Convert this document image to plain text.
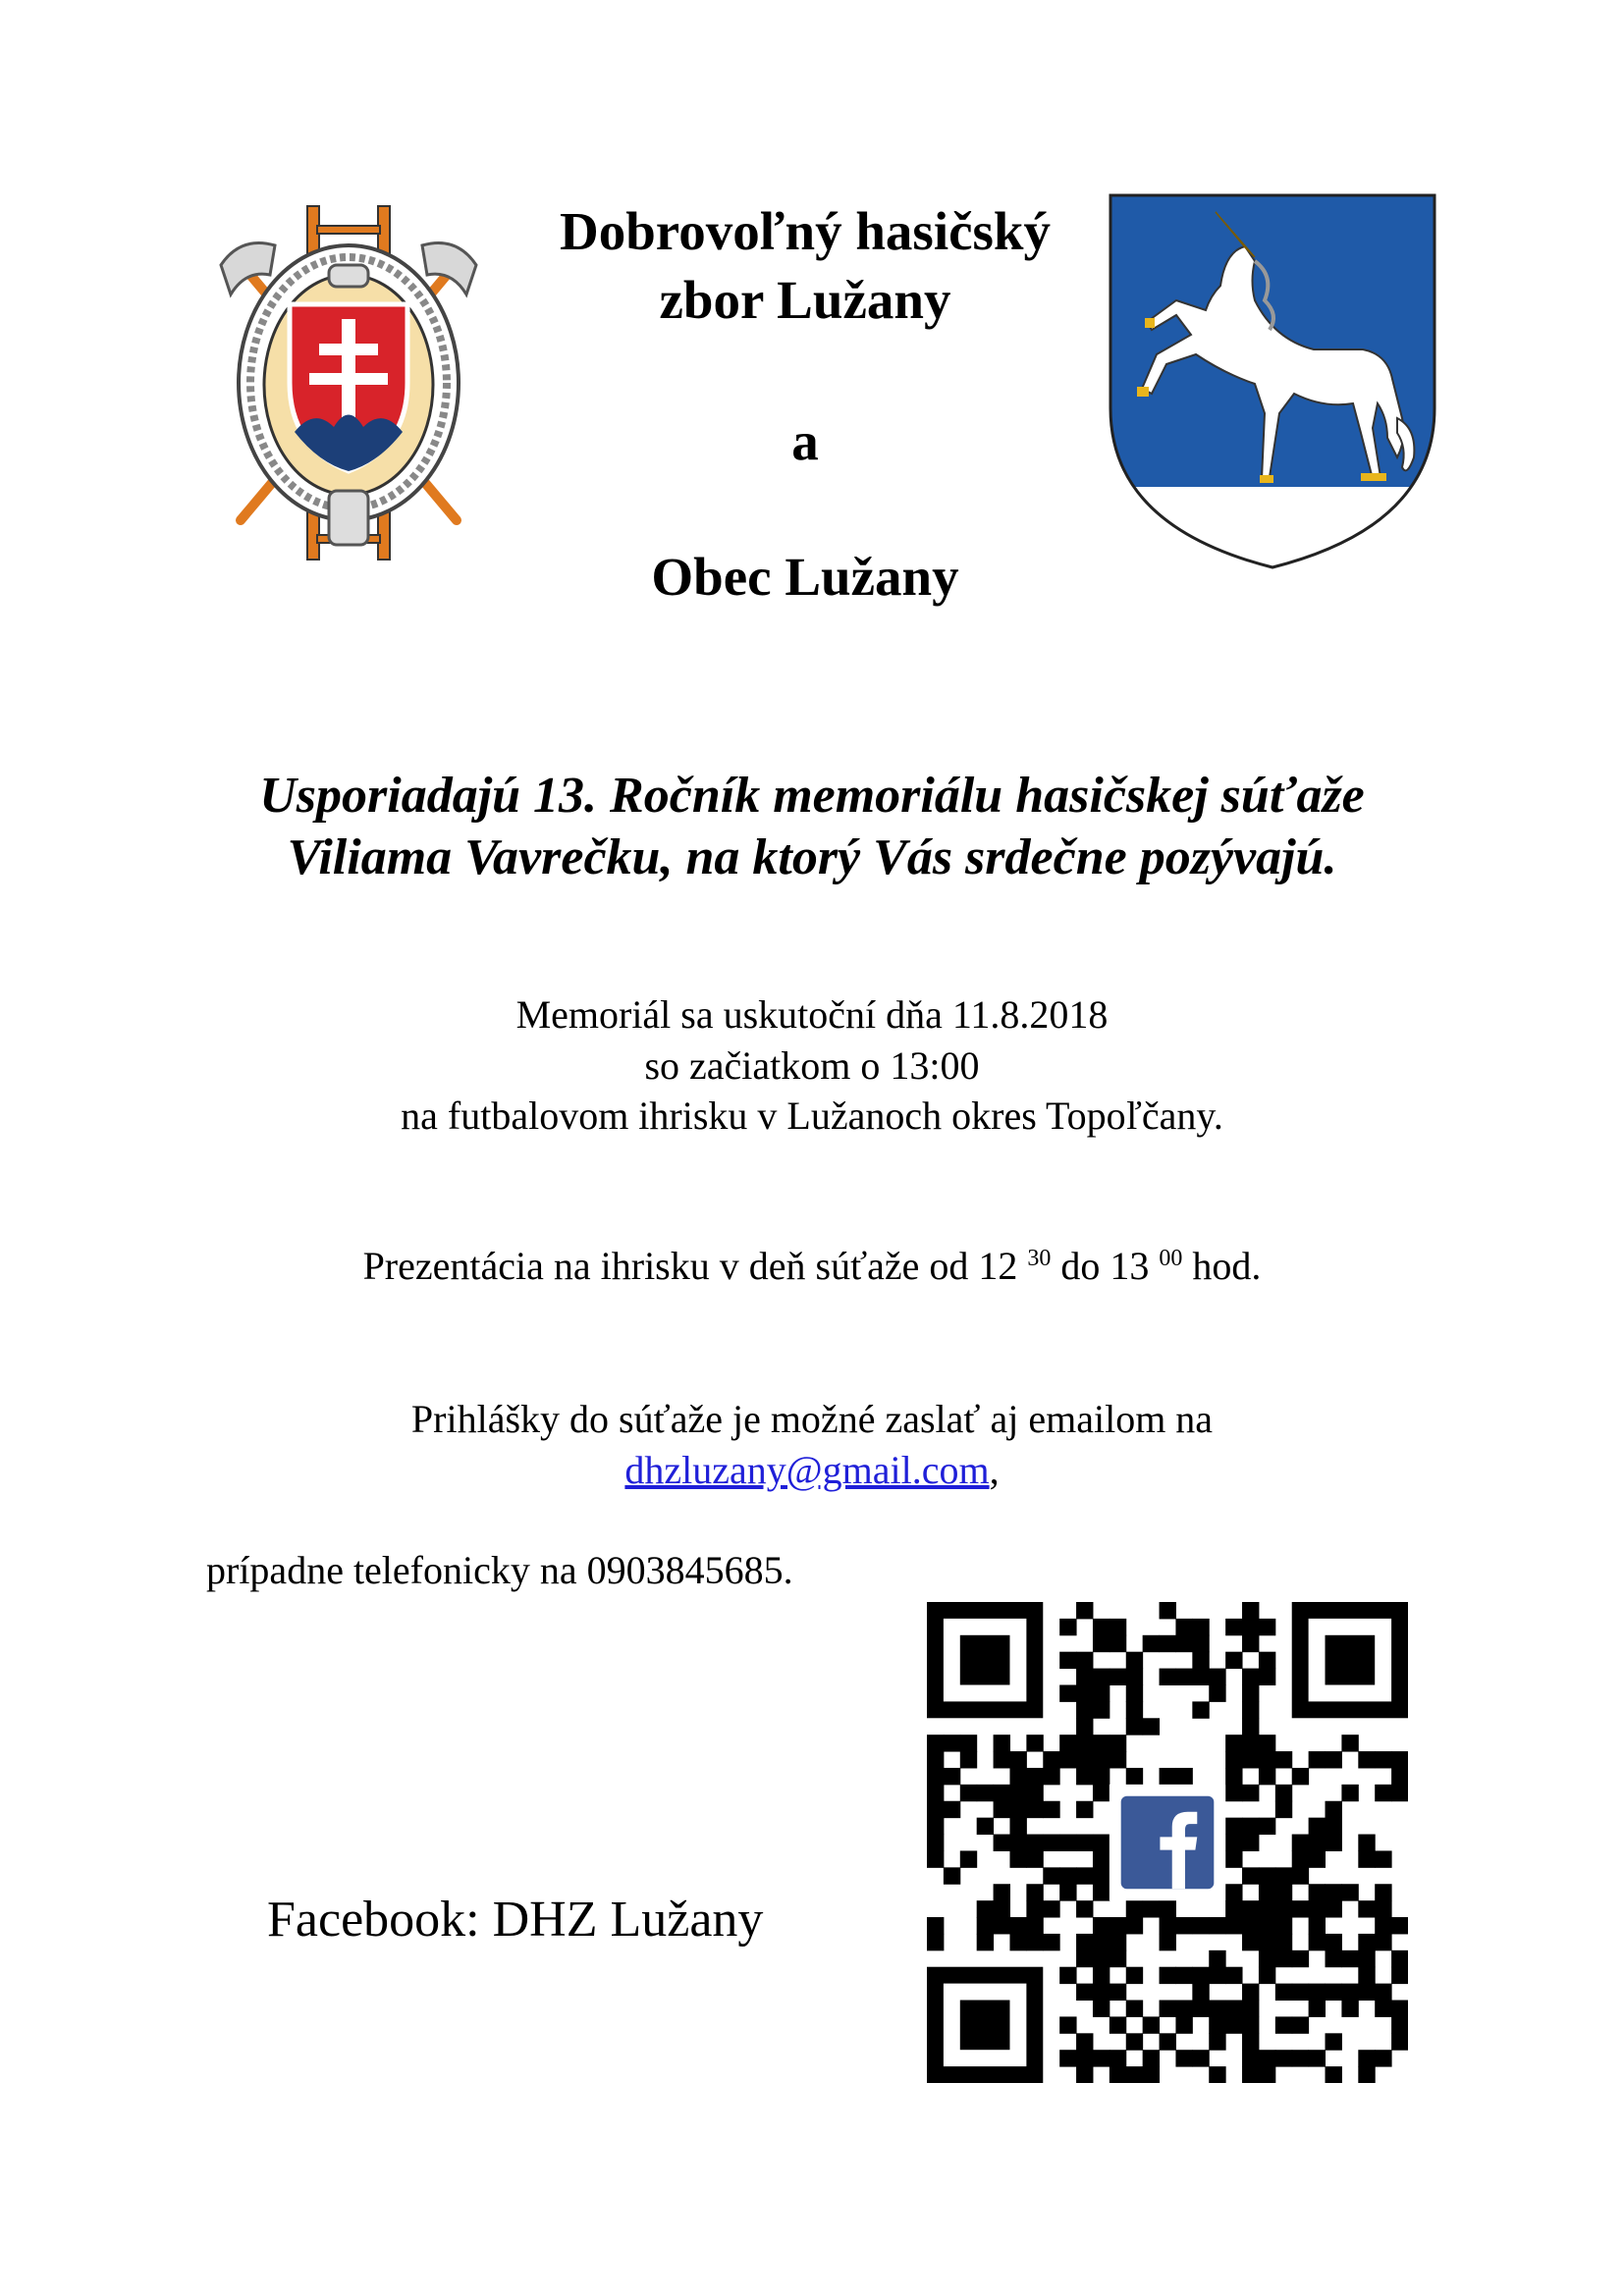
Dobrovoľný hasičský
zbor Lužany
a
Obec Lužany
Usporiadajú 13. Ročník memoriálu hasičskej súťaže
Viliama Vavrečku, na ktorý Vás srdečne pozývajú.
Memoriál sa uskutoční dňa 11.8.2018
so začiatkom o 13:00
na futbalovom ihrisku v Lužanoch okres Topoľčany.
Prezentácia na ihrisku v deň súťaže od 12 $^{30}$ do 13 $^{00}$ hod.
Prihlášky do súťaže je možné zaslať aj emailom na
dhzluzany@gmail.com,
prípadne telefonicky na 0903845685.
Facebook: DHZ Lužany
